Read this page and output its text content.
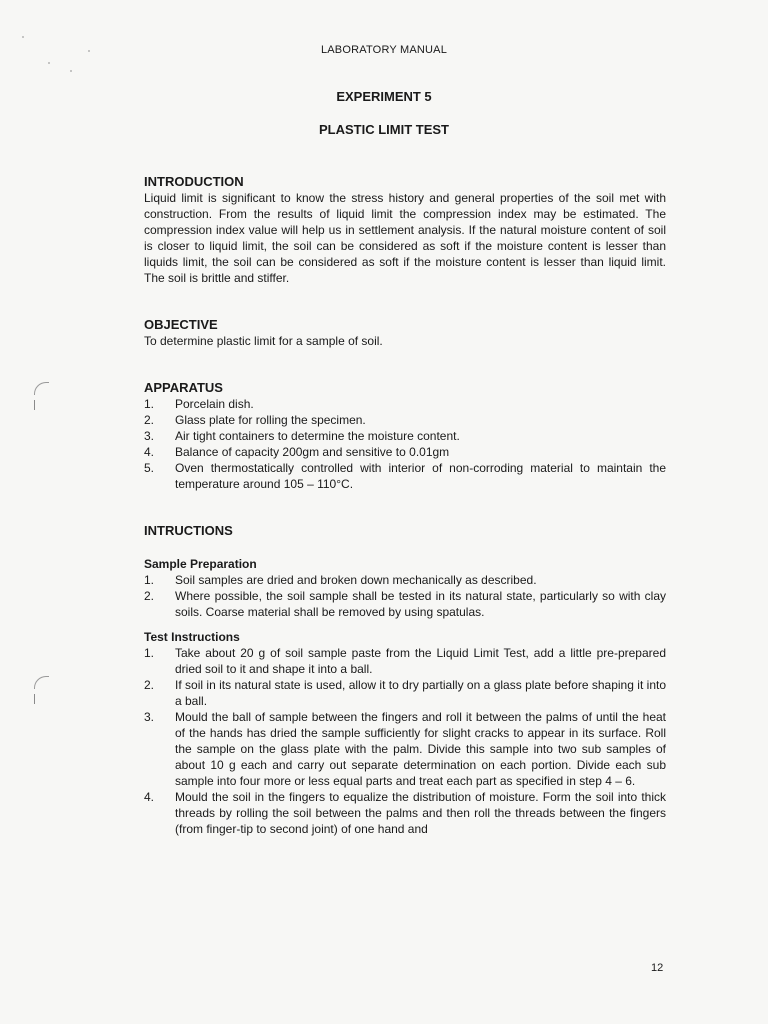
LABORATORY MANUAL
EXPERIMENT 5
PLASTIC LIMIT TEST
INTRODUCTION

Liquid limit is significant to know the stress history and general properties of the soil met with construction. From the results of liquid limit the compression index may be estimated. The compression index value will help us in settlement analysis. If the natural moisture content of soil is closer to liquid limit, the soil can be considered as soft if the moisture content is lesser than liquids limit, the soil can be considered as soft if the moisture content is lesser than liquid limit. The soil is brittle and stiffer.

OBJECTIVE

To determine plastic limit for a sample of soil.

APPARATUS
1.	Porcelain dish.
2.	Glass plate for rolling the specimen.
3.	Air tight containers to determine the moisture content.
4.	Balance of capacity 200gm and sensitive to 0.01gm
5.	Oven thermostatically controlled with interior of non-corroding material to maintain the temperature around 105 – 110°C.
INTRUCTIONS
Sample Preparation
1.	Soil samples are dried and broken down mechanically as described.
2.	Where possible, the soil sample shall be tested in its natural state, particularly so with clay soils. Coarse material shall be removed by using spatulas.
Test Instructions
1.	Take about 20 g of soil sample paste from the Liquid Limit Test, add a little pre-prepared dried soil to it and shape it into a ball.
2.	If soil in its natural state is used, allow it to dry partially on a glass plate before shaping it into a ball.
3.	Mould the ball of sample between the fingers and roll it between the palms of until the heat of the hands has dried the sample sufficiently for slight cracks to appear in its surface. Roll the sample on the glass plate with the palm. Divide this sample into two sub samples of about 10 g each and carry out separate determination on each portion. Divide each sub sample into four more or less equal parts and treat each part as specified in step 4 – 6.
4.	Mould the soil in the fingers to equalize the distribution of moisture. Form the soil into thick threads by rolling the soil between the palms and then roll the threads between the fingers (from finger-tip to second joint) of one hand and
12
